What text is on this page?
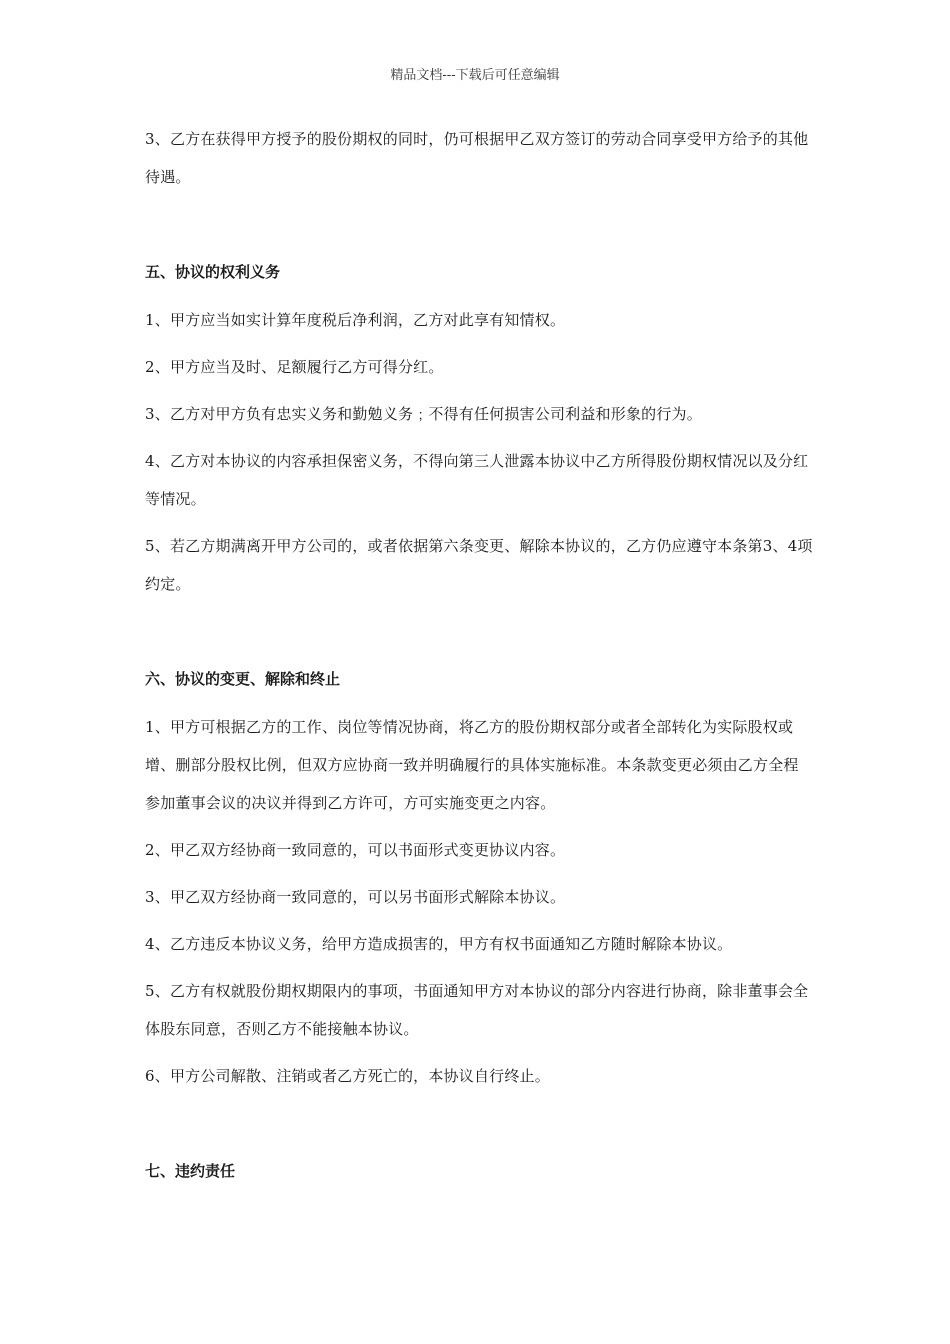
精品文档---下载后可任意编辑

3、乙方在获得甲方授予的股份期权的同时，仍可根据甲乙双方签订的劳动合同享受甲方给予的其他待遇。

五、协议的权利义务

1、甲方应当如实计算年度税后净利润，乙方对此享有知情权。

2、甲方应当及时、足额履行乙方可得分红。

3、乙方对甲方负有忠实义务和勤勉义务﹔不得有任何损害公司利益和形象的行为。

4、乙方对本协议的内容承担保密义务，不得向第三人泄露本协议中乙方所得股份期权情况以及分红等情况。

5、若乙方期满离开甲方公司的，或者依据第六条变更、解除本协议的，乙方仍应遵守本条第3、4项约定。

六、协议的变更、解除和终止

1、甲方可根据乙方的工作、岗位等情况协商，将乙方的股份期权部分或者全部转化为实际股权或增、删部分股权比例，但双方应协商一致并明确履行的具体实施标准。本条款变更必须由乙方全程参加董事会议的决议并得到乙方许可，方可实施变更之内容。

2、甲乙双方经协商一致同意的，可以书面形式变更协议内容。

3、甲乙双方经协商一致同意的，可以另书面形式解除本协议。

4、乙方违反本协议义务，给甲方造成损害的，甲方有权书面通知乙方随时解除本协议。

5、乙方有权就股份期权期限内的事项，书面通知甲方对本协议的部分内容进行协商，除非董事会全体股东同意，否则乙方不能接触本协议。

6、甲方公司解散、注销或者乙方死亡的，本协议自行终止。

七、违约责任
